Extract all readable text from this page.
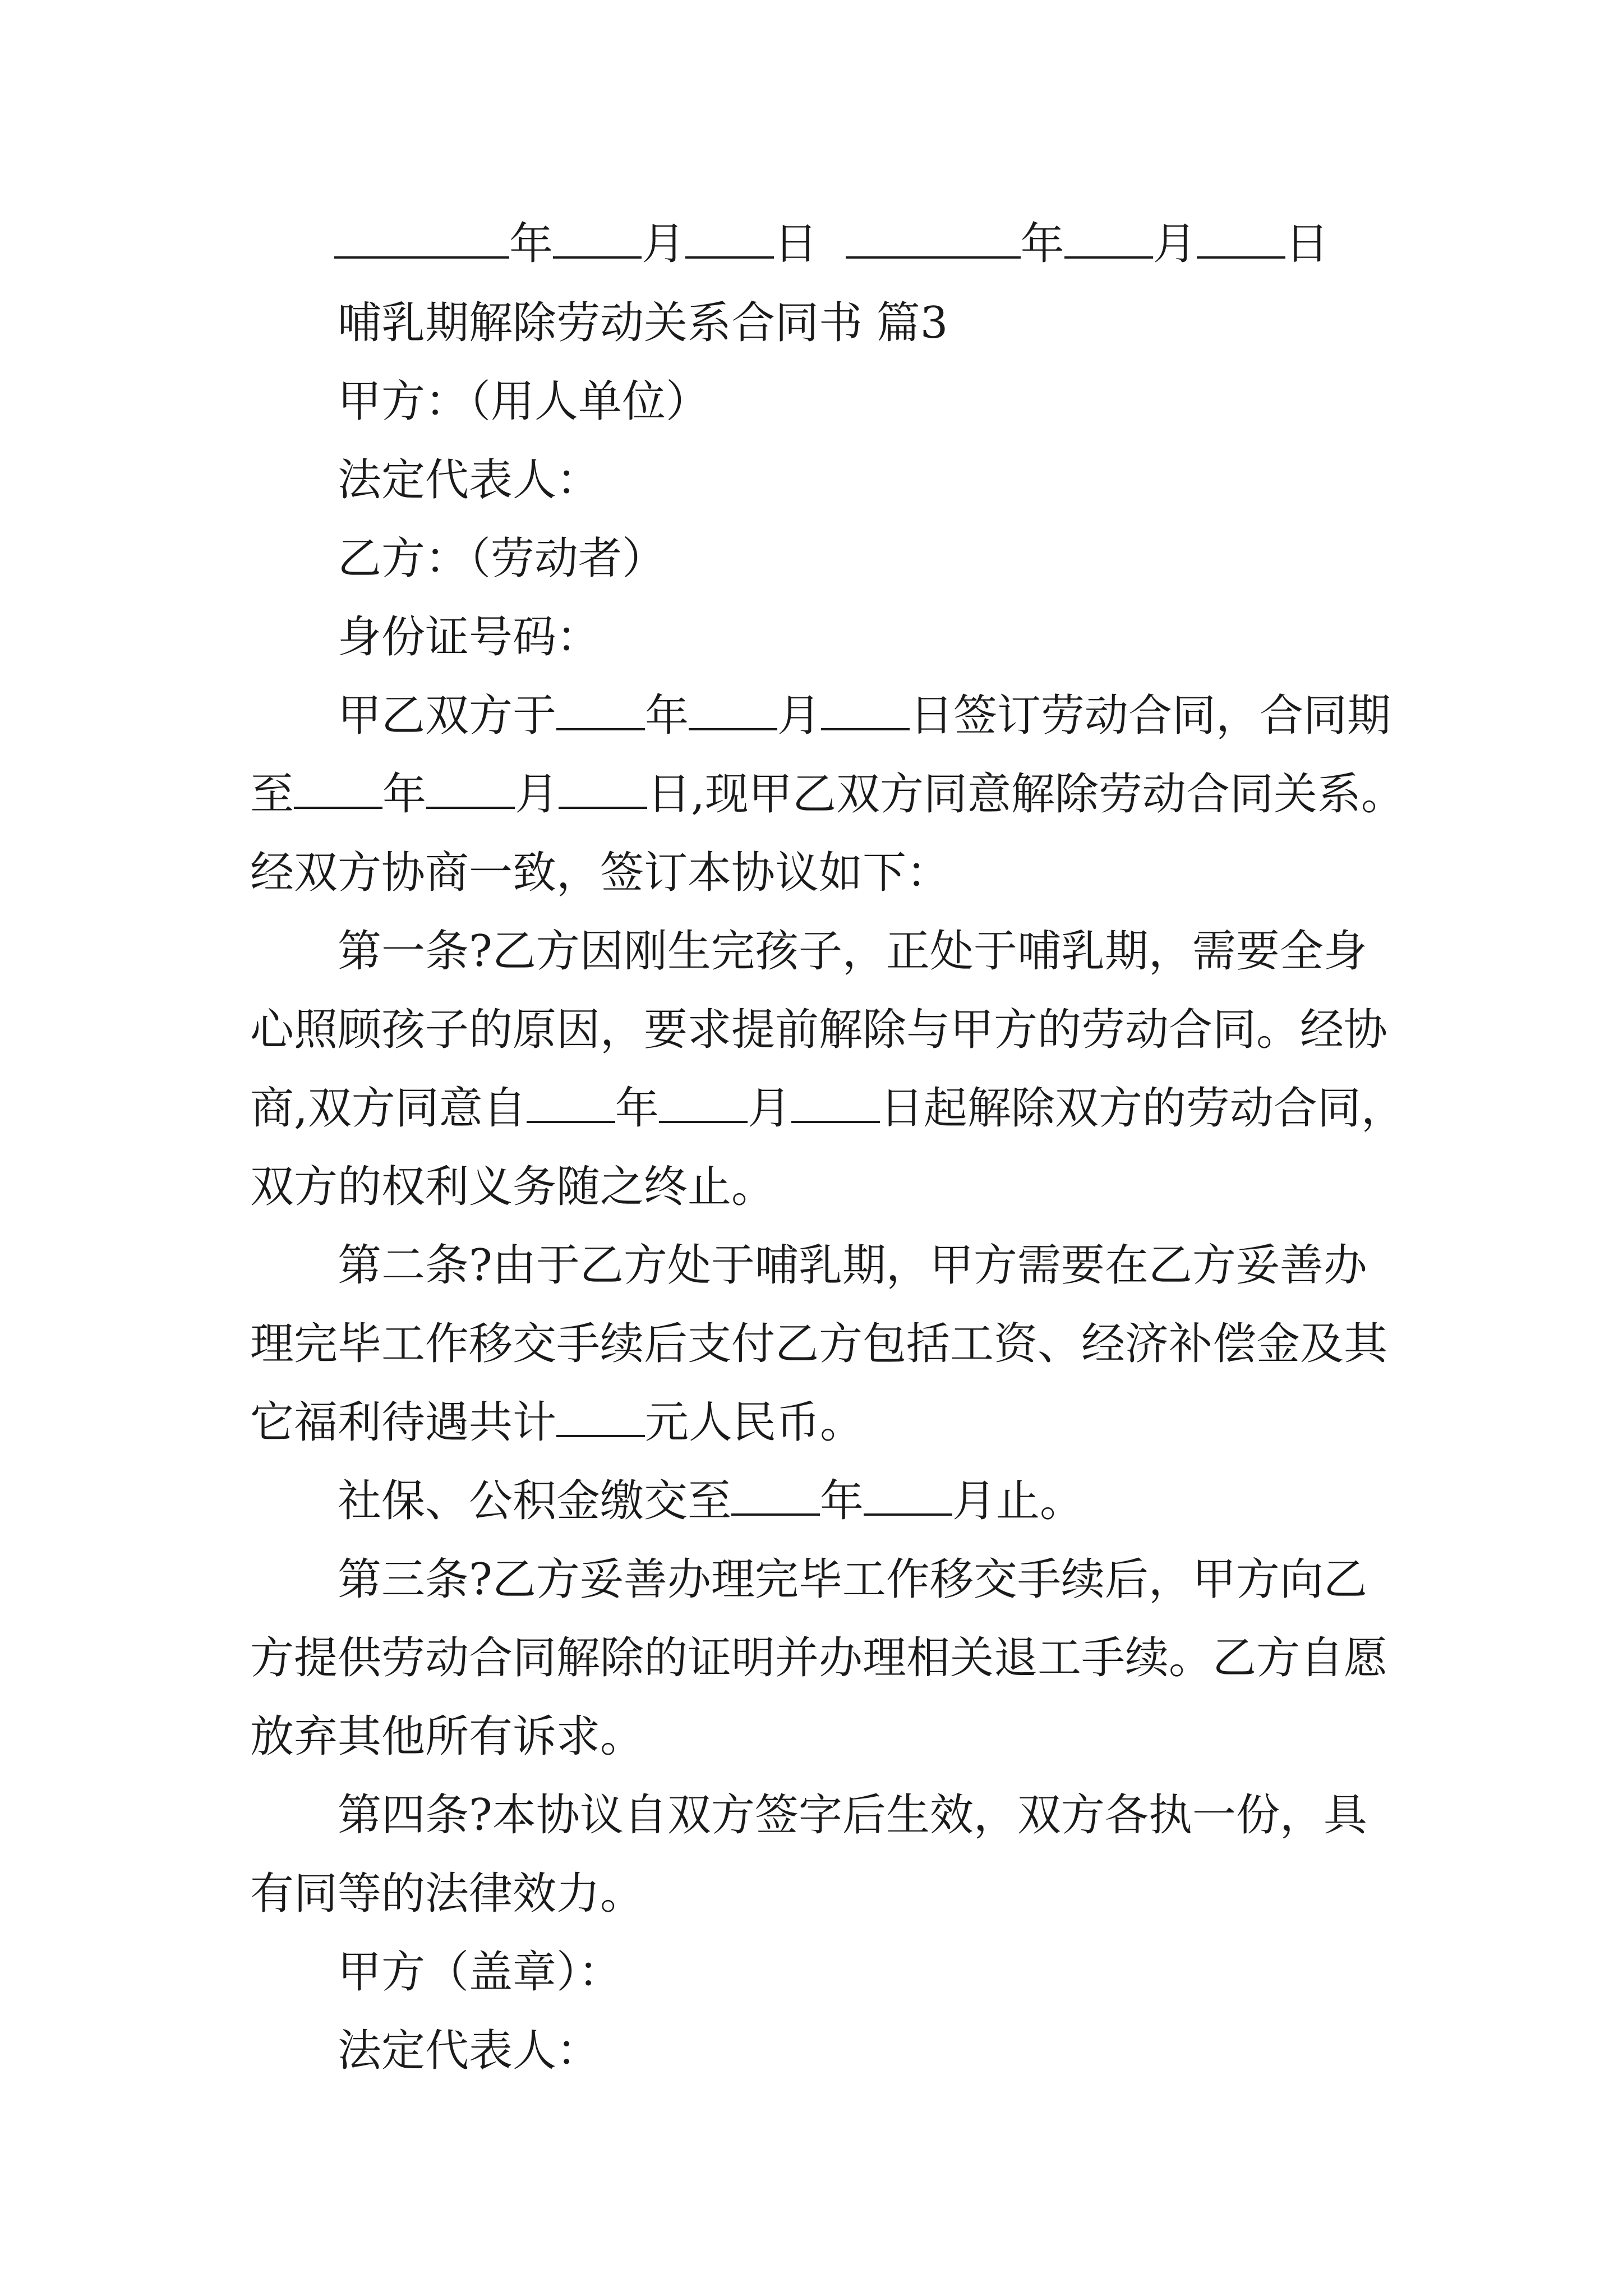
年 月 日	年 月 日
哺乳期解除劳动关系合同书 篇3
甲方：（用人单位）
法定代表人：
乙方：（劳动者）
身份证号码：
甲乙双方于 年 月 日签订劳动合同，合同期
至 年 月 日,现甲乙双方同意解除劳动合同关系。
经双方协商一致，签订本协议如下：
第一条?乙方因刚生完孩子，正处于哺乳期，需要全身
心照顾孩子的原因，要求提前解除与甲方的劳动合同。经协
商,双方同意自 年 月 日起解除双方的劳动合同，
双方的权利义务随之终止。
第二条?由于乙方处于哺乳期，甲方需要在乙方妥善办
理完毕工作移交手续后支付乙方包括工资、经济补偿金及其
它福利待遇共计 元人民币。
社保、公积金缴交至 年 月止。
第三条?乙方妥善办理完毕工作移交手续后，甲方向乙
方提供劳动合同解除的证明并办理相关退工手续。乙方自愿
放弃其他所有诉求。
第四条?本协议自双方签字后生效，双方各执一份，具
有同等的法律效力。
甲方（盖章）：
法定代表人：
